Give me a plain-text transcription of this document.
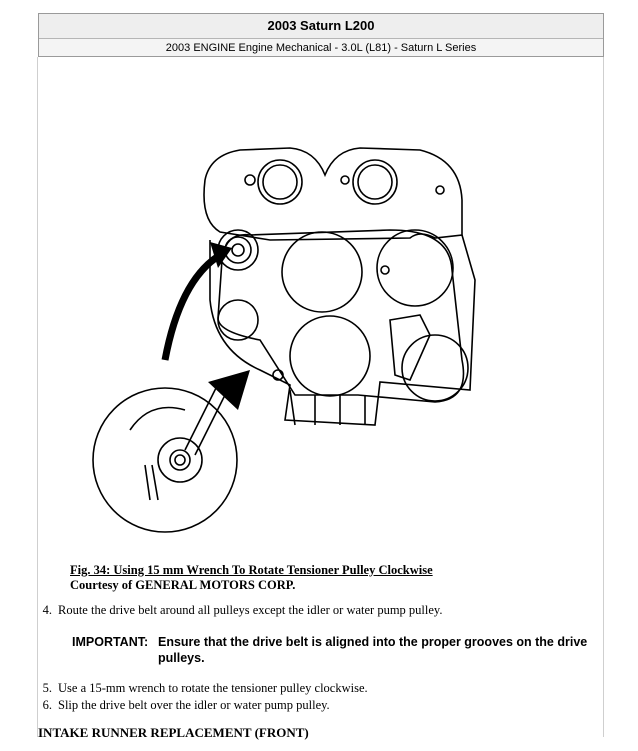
2003 Saturn L200
2003 ENGINE Engine Mechanical - 3.0L (L81) - Saturn L Series
Fig. 34: Using 15 mm Wrench To Rotate Tensioner Pulley Clockwise
Courtesy of GENERAL MOTORS CORP.
4. Route the drive belt around all pulleys except the idler or water pump pulley.
IMPORTANT: Ensure that the drive belt is aligned into the proper grooves on the drive pulleys.
5. Use a 15-mm wrench to rotate the tensioner pulley clockwise.
6. Slip the drive belt over the idler or water pump pulley.
INTAKE RUNNER REPLACEMENT (FRONT)
